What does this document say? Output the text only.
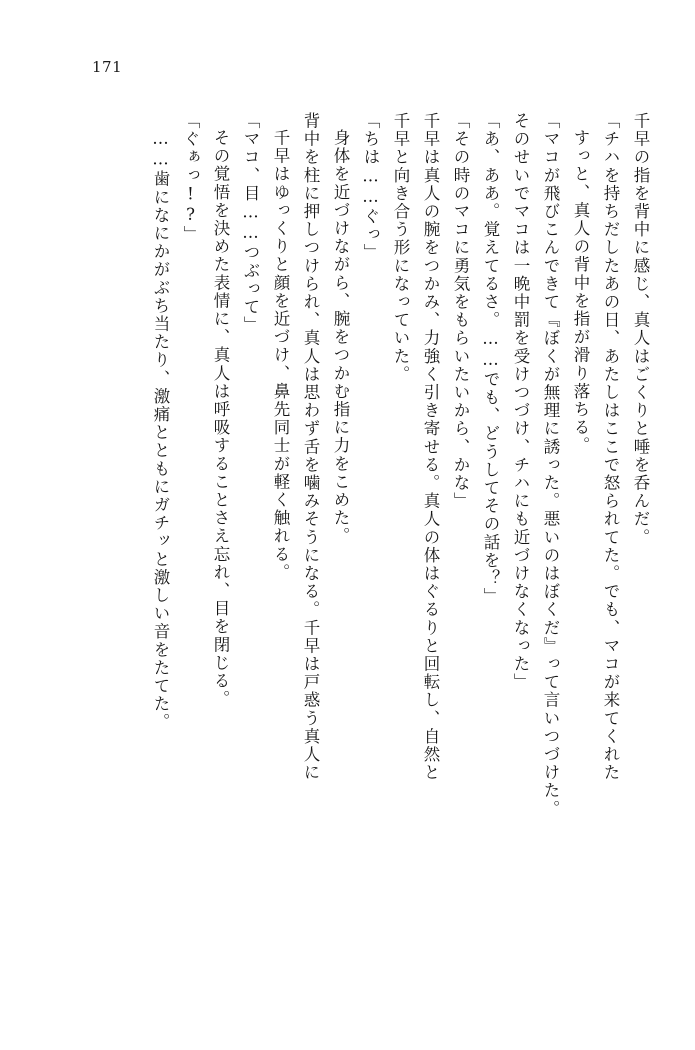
171
千早の指を背中に感じ、真人はごくりと唾を呑んだ。
「チハを持ちだしたあの日、あたしはここで怒られてた。でも、マコが来てくれた
すっと、真人の背中を指が滑り落ちる。
「マコが飛びこんできて『ぼくが無理に誘った。悪いのはぼくだ』って言いつづけた。
そのせいでマコは一晩中罰を受けつづけ、チハにも近づけなくなった」
「あ、ああ。覚えてるさ。……でも、どうしてその話を？」
「その時のマコに勇気をもらいたいから、かな」
千早は真人の腕をつかみ、力強く引き寄せる。真人の体はぐるりと回転し、自然と
千早と向き合う形になっていた。
「ちは……ぐっ」
身体を近づけながら、腕をつかむ指に力をこめた。
背中を柱に押しつけられ、真人は思わず舌を噛みそうになる。千早は戸惑う真人に
千早はゆっくりと顔を近づけ、鼻先同士が軽く触れる。
「マコ、目……つぶって」
その覚悟を決めた表情に、真人は呼吸することさえ忘れ、目を閉じる。
「ぐぁっ!?」
……歯になにかがぶち当たり、激痛とともにガチッと激しい音をたてた。
